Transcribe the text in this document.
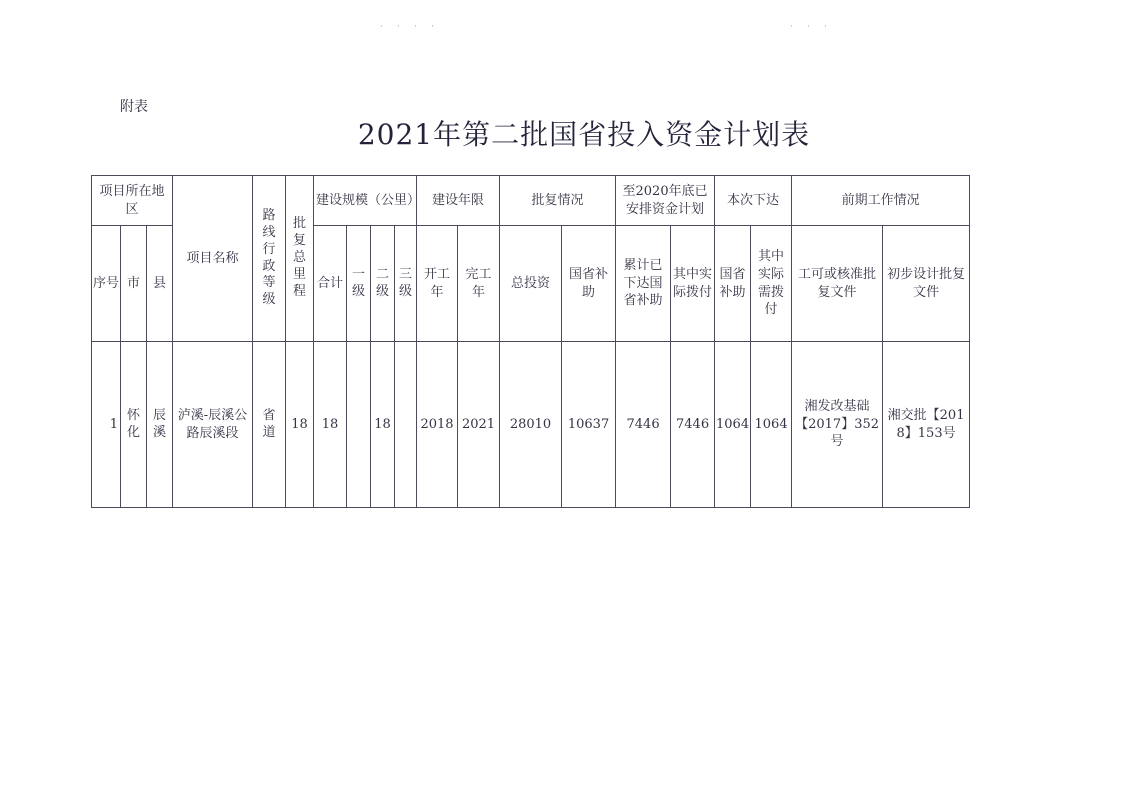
· · · ·	· · ·
附表
2021年第二批国省投入资金计划表
项目所在地区			项目名称	路线行政等级	批复总里程	建设规模（公里）				建设年限		批复情况		至2020年底已安排资金计划		本次下达		前期工作情况	
序号	市	县				合计	一级	二级	三级	开工年	完工年	总投资	国省补助	累计已下达国省补助	其中实际拨付	国省补助	其中实际需拨付	工可或核准批复文件	初步设计批复文件
1	怀化	辰溪	泸溪-辰溪公路辰溪段	省道	18	18		18		2018	2021	28010	10637	7446	7446	1064	1064	湘发改基础【2017】352号	湘交批【2018】153号
